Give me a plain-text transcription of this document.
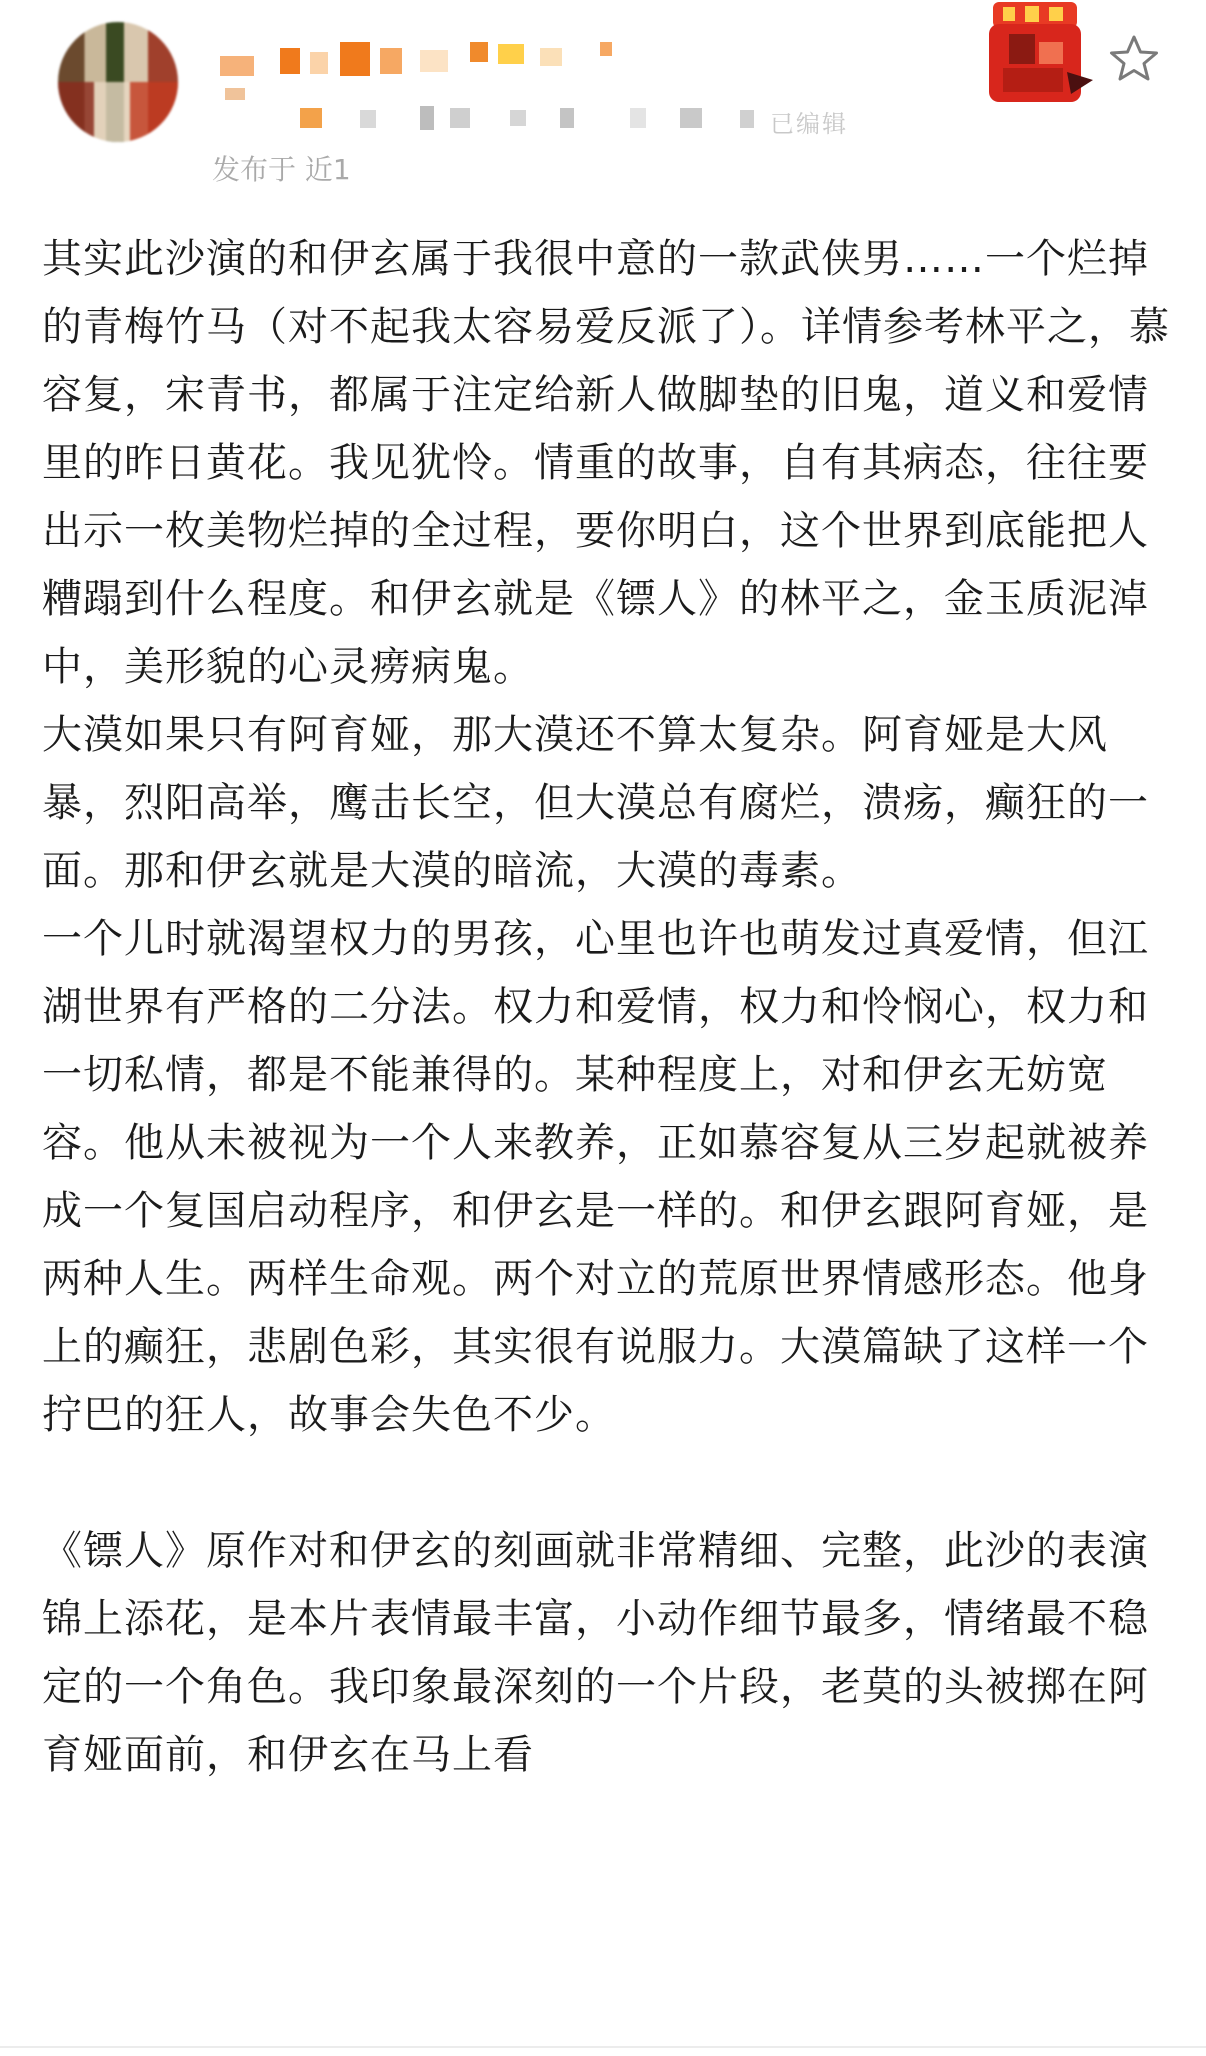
已编辑
发布于 近1

其实此沙演的和伊玄属于我很中意的一款武侠男……一个烂掉的青梅竹马（对不起我太容易爱反派了）。详情参考林平之，慕容复，宋青书，都属于注定给新人做脚垫的旧鬼，道义和爱情里的昨日黄花。我见犹怜。情重的故事，自有其病态，往往要出示一枚美物烂掉的全过程，要你明白，这个世界到底能把人糟蹋到什么程度。和伊玄就是《镖人》的林平之，金玉质泥淖中，美形貌的心灵痨病鬼。

大漠如果只有阿育娅，那大漠还不算太复杂。阿育娅是大风暴，烈阳高举，鹰击长空，但大漠总有腐烂，溃疡，癫狂的一面。那和伊玄就是大漠的暗流，大漠的毒素。

一个儿时就渴望权力的男孩，心里也许也萌发过真爱情，但江湖世界有严格的二分法。权力和爱情，权力和怜悯心，权力和一切私情，都是不能兼得的。某种程度上，对和伊玄无妨宽容。他从未被视为一个人来教养，正如慕容复从三岁起就被养成一个复国启动程序，和伊玄是一样的。和伊玄跟阿育娅，是两种人生。两样生命观。两个对立的荒原世界情感形态。他身上的癫狂，悲剧色彩，其实很有说服力。大漠篇缺了这样一个拧巴的狂人，故事会失色不少。

《镖人》原作对和伊玄的刻画就非常精细、完整，此沙的表演锦上添花，是本片表情最丰富，小动作细节最多，情绪最不稳定的一个角色。我印象最深刻的一个片段，老莫的头被掷在阿育娅面前，和伊玄在马上看
